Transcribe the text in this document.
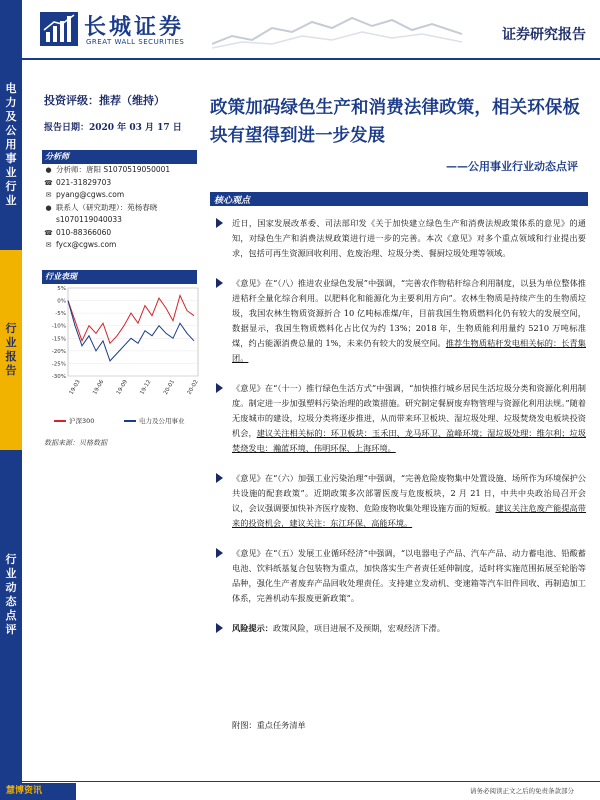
电力及公用事业行业
行业报告
行业动态点评
长城证券
GREAT WALL SECURITIES	证券研究报告
投资评级：推荐（维持）
报告日期：2020 年 03 月 17 日
分析师
● 分析师：唐阳 S1070519050001
☎ 021-31829703
✉ pyang@cgws.com
● 联系人（研究助理）：苑杨春晓
s1070119040033
☎ 010-88366060
✉ fycx@cgws.com
行业表现
5%
0%
-5%
-10%
-15%
-20%
-25%
-30%
19-03 19-06 19-09 19-12 20-01 20-02
沪深300	电力及公用事业
数据来源：贝格数据
政策加码绿色生产和消费法律政策，相关环保板块有望得到进一步发展
——公用事业行业动态点评
核心观点
近日，国家发展改革委、司法部印发《关于加快建立绿色生产和消费法规政策体系的意见》的通知，对绿色生产和消费法规政策进行进一步的完善。本次《意见》对多个重点领域和行业提出要求，包括可再生资源回收利用、危废治理、垃圾分类、餐厨垃圾处理等领域。
《意见》在“（八）推进农业绿色发展”中强调，“完善农作物秸秆综合利用制度，以县为单位整体推进秸秆全量化综合利用。以肥料化和能源化为主要利用方向”。农林生物质是持续产生的生物质垃圾，我国农林生物质资源折合 10 亿吨标准煤/年，目前我国生物质燃料化仍有较大的发展空间，数据显示，我国生物质燃料化占比仅为约 13%；2018 年，生物质能利用量约 5210 万吨标准煤，约占能源消费总量的 1%，未来仍有较大的发展空间。推荐生物质秸秆发电相关标的：长青集团。
《意见》在“（十一）推行绿色生活方式”中强调，“加快推行城乡居民生活垃圾分类和资源化利用制度。制定进一步加强塑料污染治理的政策措施。研究制定餐厨废弃物管理与资源化利用法规。”随着无废城市的建设，垃圾分类将逐步推进，从而带来环卫板块、湿垃圾处理、垃圾焚烧发电板块投资机会，建议关注相关标的：环卫板块：玉禾田、龙马环卫、盈峰环境；湿垃圾处理：维尔利；垃圾焚烧发电：瀚蓝环境、伟明环保、上海环境。
《意见》在“（六）加强工业污染治理”中强调，“完善危险废物集中处置设施、场所作为环境保护公共设施的配套政策”。近期政策多次部署医废与危废板块，2 月 21 日，中共中央政治局召开会议，会议强调要加快补齐医疗废物、危险废物收集处理设施方面的短板。建议关注危废产能提高带来的投资机会，建议关注：东江环保、高能环境。
《意见》在“（五）发展工业循环经济”中强调，“以电器电子产品、汽车产品、动力蓄电池、铅酸蓄电池、饮料纸基复合包装物为重点，加快落实生产者责任延伸制度，适时将实施范围拓展至轮胎等品种，强化生产者废弃产品回收处理责任。支持建立发动机、变速箱等汽车旧件回收、再制造加工体系，完善机动车报废更新政策”。
风险提示：政策风险，项目进展不及预期，宏观经济下滑。
附图：重点任务清单
慧博资讯	请务必阅读正文之后的免责条款部分
